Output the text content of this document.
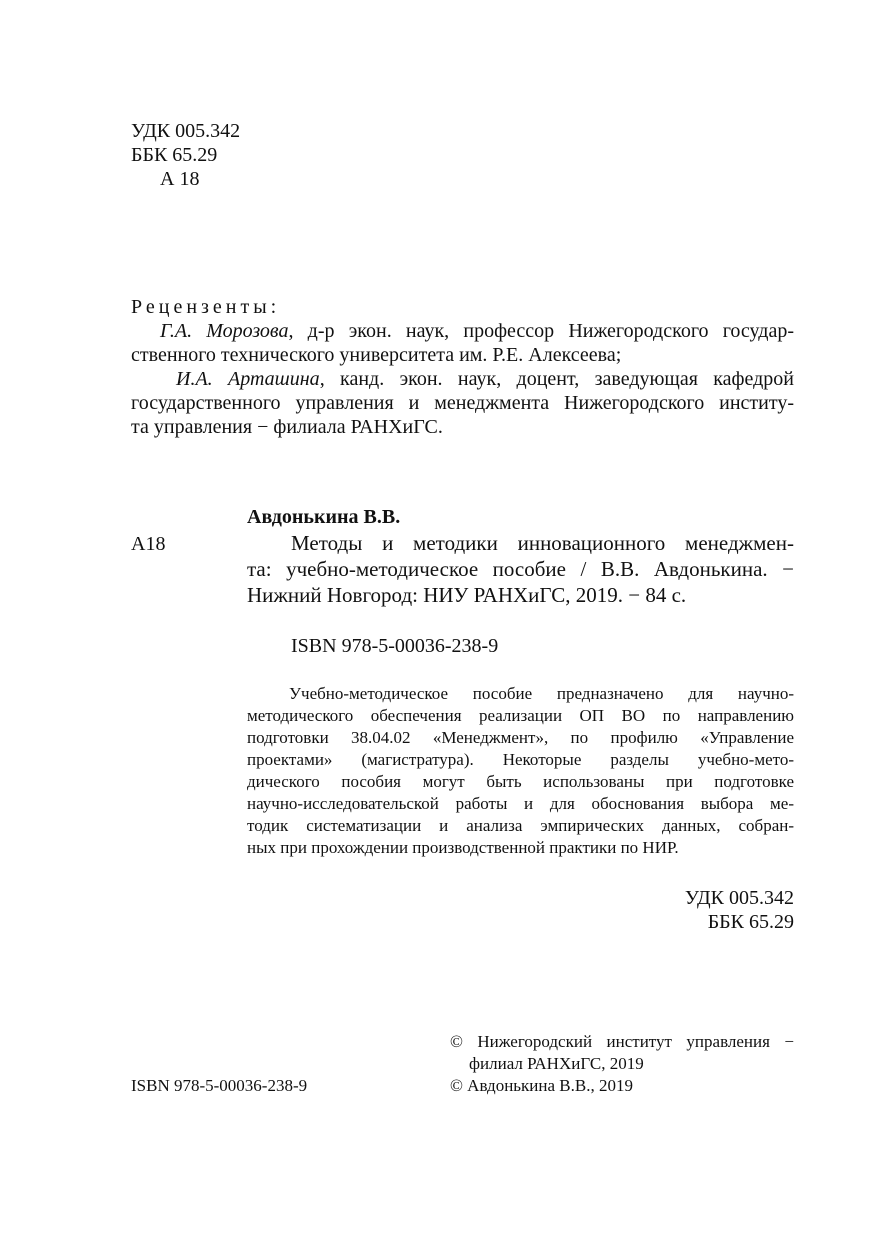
УДК 005.342
ББК 65.29
А 18
Рецензенты:
Г.А. Морозова, д-р экон. наук, профессор Нижегородского государ-
ственного технического университета им. Р.Е. Алексеева;
И.А. Арташина, канд. экон. наук, доцент, заведующая кафедрой
государственного управления и менеджмента Нижегородского институ-
та управления − филиала РАНХиГС.
Авдонькина В.В.
А18	Методы и методики инновационного менеджмен-
та: учебно-методическое пособие / В.В. Авдонькина. −
Нижний Новгород: НИУ РАНХиГС, 2019. − 84 с.
ISBN 978-5-00036-238-9
Учебно-методическое пособие предназначено для научно-
методического обеспечения реализации ОП ВО по направлению
подготовки 38.04.02 «Менеджмент», по профилю «Управление
проектами» (магистратура). Некоторые разделы учебно-мето-
дического пособия могут быть использованы при подготовке
научно-исследовательской работы и для обоснования выбора ме-
тодик систематизации и анализа эмпирических данных, собран-
ных при прохождении производственной практики по НИР.
УДК 005.342
ББК 65.29
© Нижегородский институт управления −
филиал РАНХиГС, 2019
© Авдонькина В.В., 2019
ISBN 978-5-00036-238-9
